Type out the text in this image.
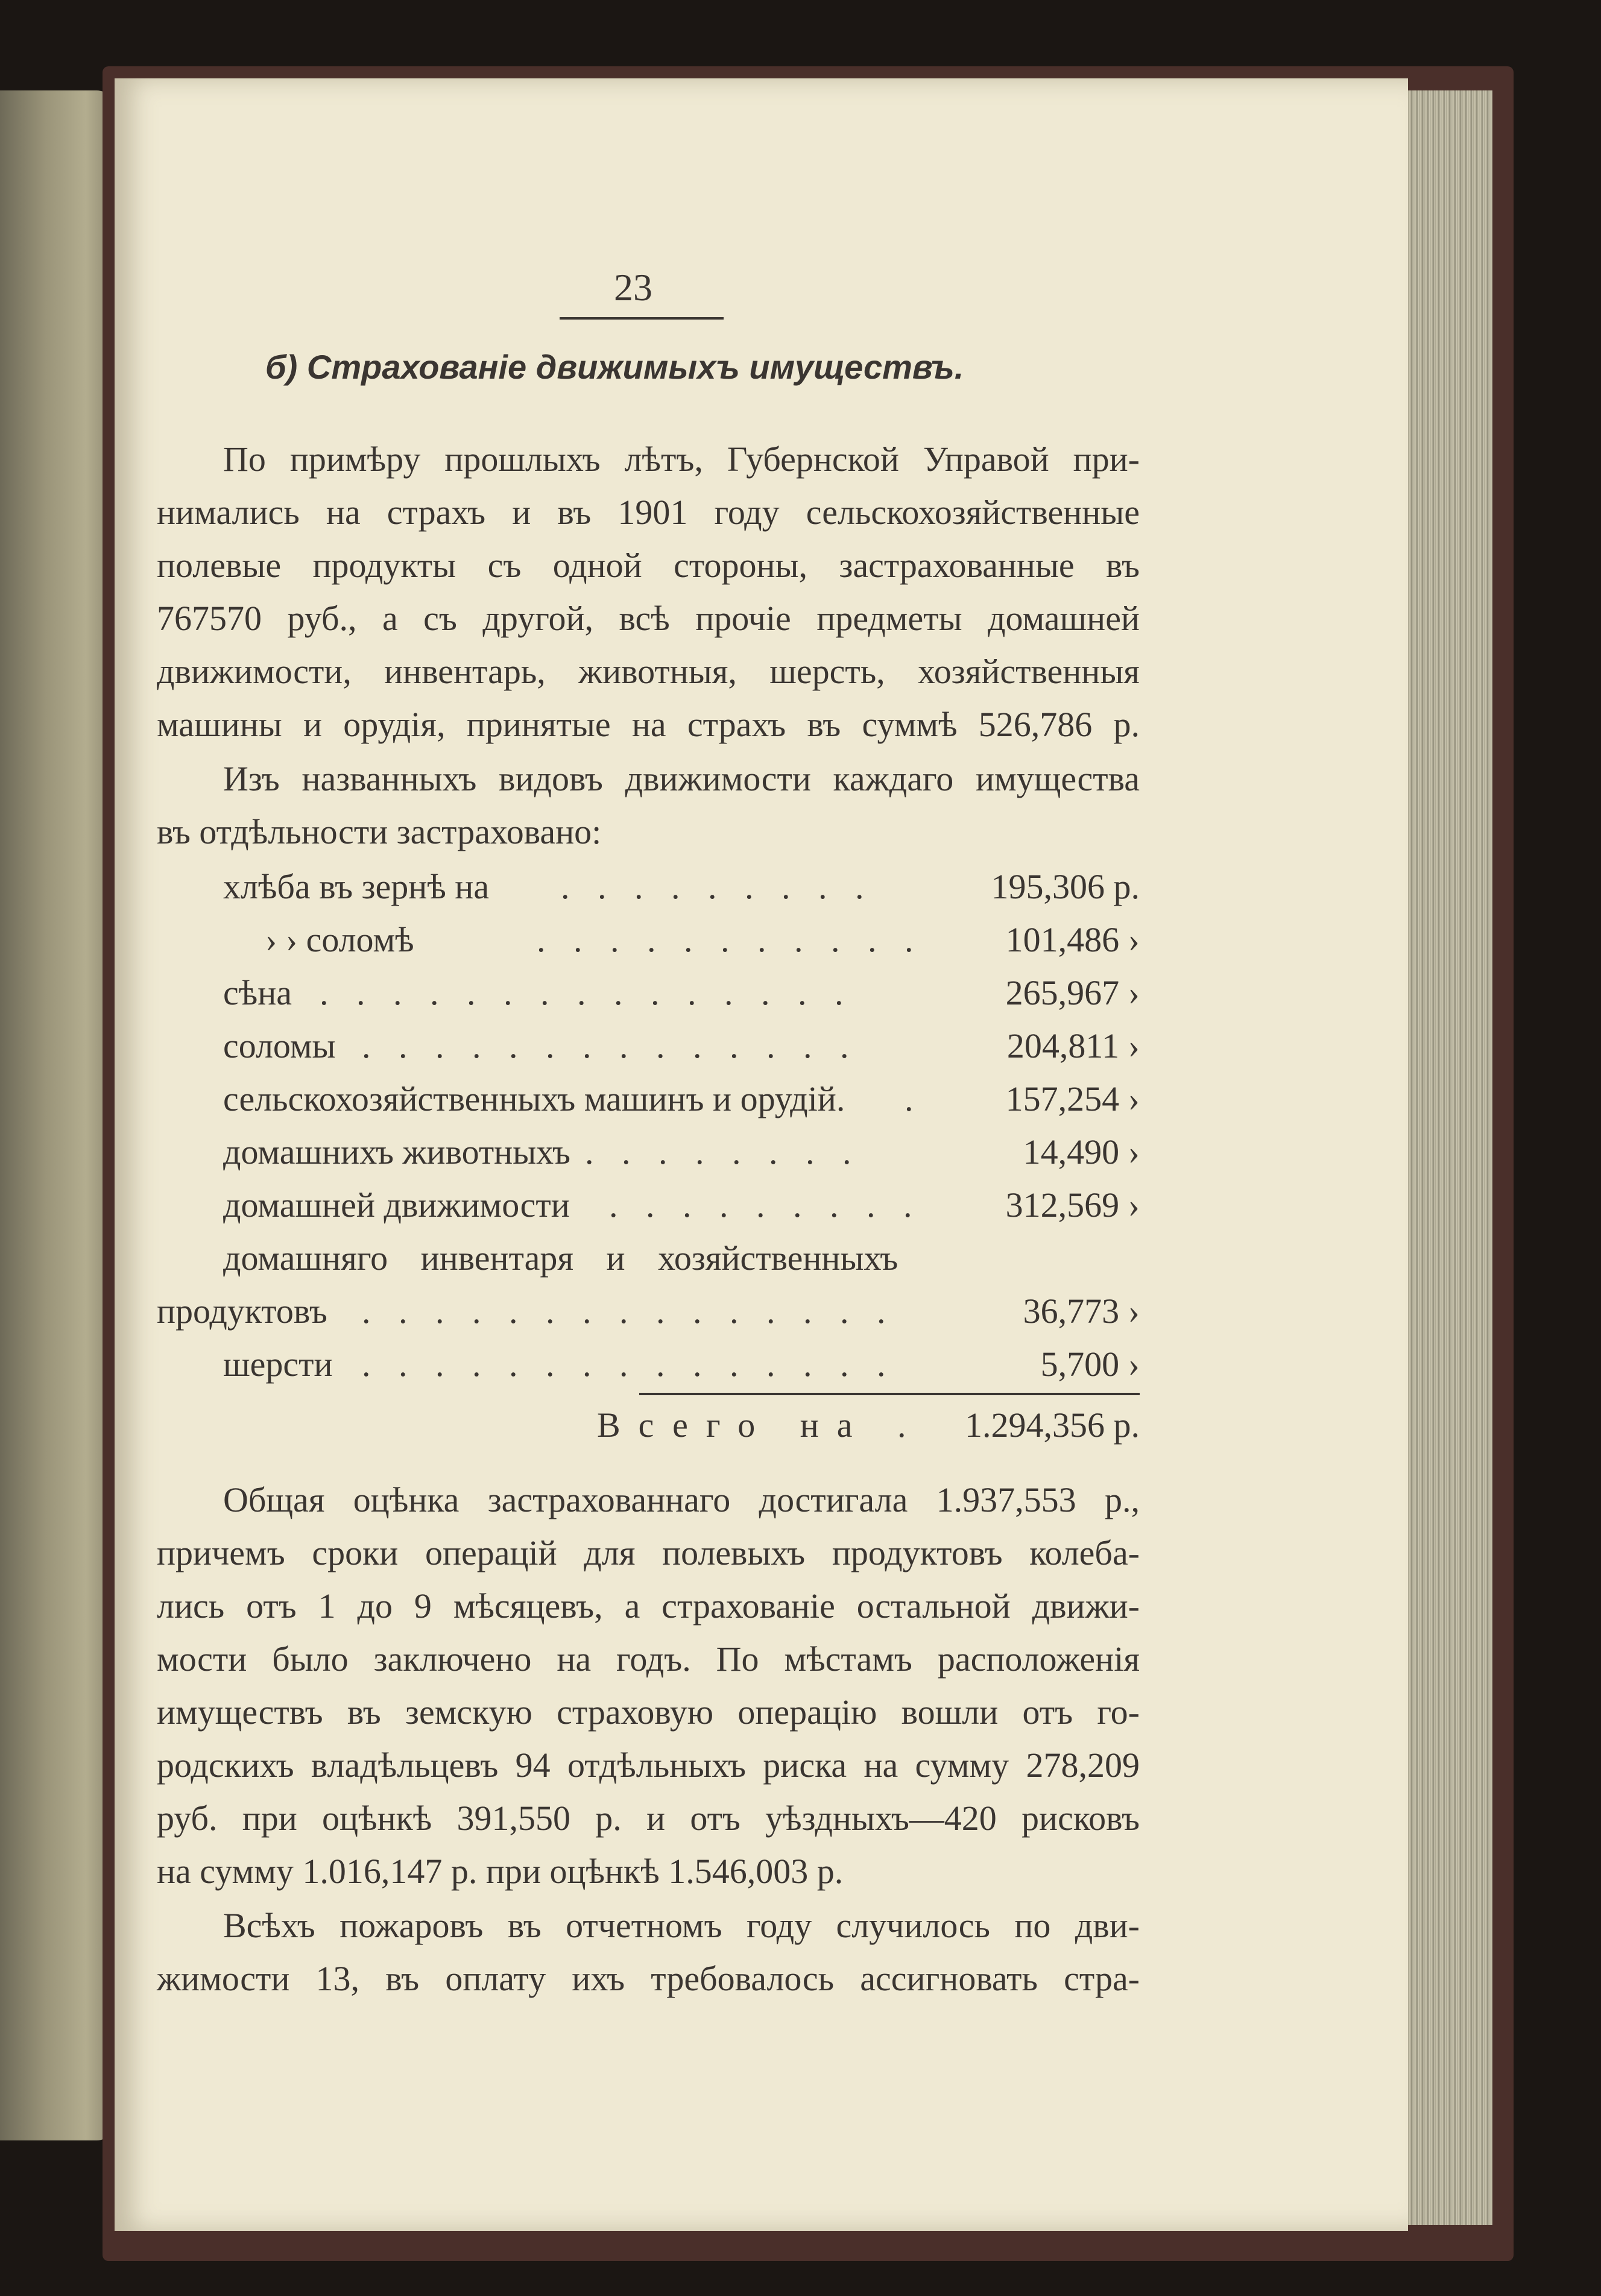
23
б) Страхованіе движимыхъ имуществъ.
По примѣру прошлыхъ лѣтъ, Губернской Управой при-
нимались на страхъ и въ 1901 году сельскохозяйственные
полевые продукты съ одной стороны, застрахованные въ
767570 руб., а съ другой, всѣ прочіе предметы домашней
движимости, инвентарь, животныя, шерсть, хозяйственныя
машины и орудія, принятые на страхъ въ суммѣ 526,786 р.
Изъ названныхъ видовъ движимости каждаго имущества
въ отдѣльности застраховано:
хлѣба въ зернѣ на . . . . . . . . .	195,306 р.
› › соломѣ	. . . . . . . . . . . 101,486 ›
сѣна . . . . . . . . . . . . . . .	265,967 ›
соломы . . . . . . . . . . . . . .	204,811 ›
сельскохозяйственныхъ машинъ и орудій. . 157,254 ›
домашнихъ животныхъ . . . . . . . .	14,490 ›
домашней движимости . . . . . . . . . 312,569 ›
домашняго инвентаря и хозяйственныхъ
продуктовъ . . . . . . . . . . . . . . .	36,773 ›
шерсти . . . . . . . . . . . . . . .	5,700 ›
Всего на .	1.294,356 р.
Общая оцѣнка застрахованнаго достигала 1.937,553 р.,
причемъ сроки операцій для полевыхъ продуктовъ колеба-
лись отъ 1 до 9 мѣсяцевъ, а страхованіе остальной движи-
мости было заключено на годъ. По мѣстамъ расположенія
имуществъ въ земскую страховую операцію вошли отъ го-
родскихъ владѣльцевъ 94 отдѣльныхъ риска на сумму 278,209
руб. при оцѣнкѣ 391,550 р. и отъ уѣздныхъ—420 рисковъ
на сумму 1.016,147 р. при оцѣнкѣ 1.546,003 р.
Всѣхъ пожаровъ въ отчетномъ году случилось по дви-
жимости 13, въ оплату ихъ требовалось ассигновать стра-
